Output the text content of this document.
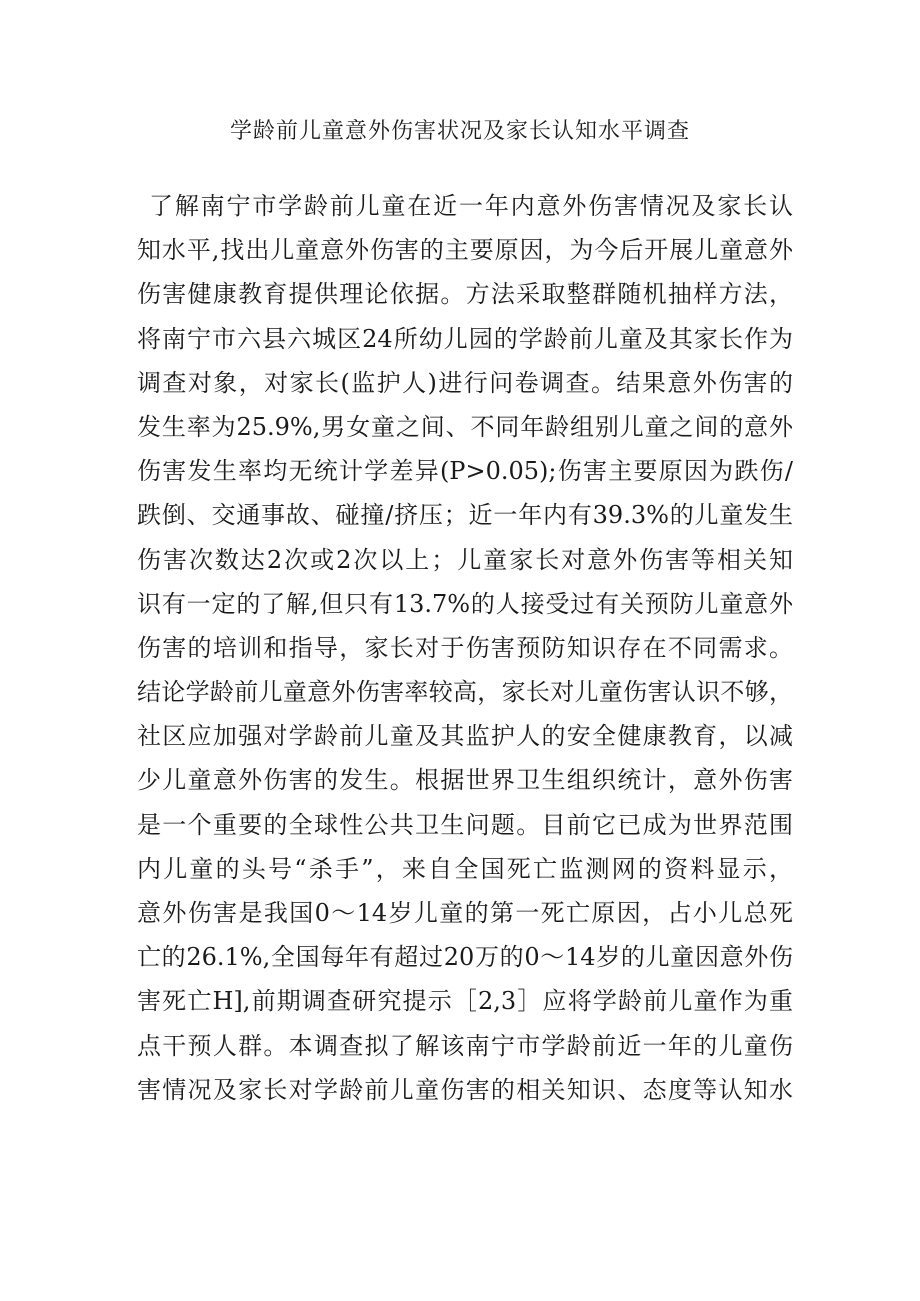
学龄前儿童意外伤害状况及家长认知水平调查
了解南宁市学龄前儿童在近一年内意外伤害情况及家长认
知水平,找出儿童意外伤害的主要原因，为今后开展儿童意外
伤害健康教育提供理论依据。方法采取整群随机抽样方法，
将南宁市六县六城区24所幼儿园的学龄前儿童及其家长作为
调查对象，对家长(监护人)进行问卷调查。结果意外伤害的
发生率为25.9%,男女童之间、不同年龄组别儿童之间的意外
伤害发生率均无统计学差异(P>0.05);伤害主要原因为跌伤/
跌倒、交通事故、碰撞/挤压；近一年内有39.3%的儿童发生
伤害次数达2次或2次以上；儿童家长对意外伤害等相关知
识有一定的了解,但只有13.7%的人接受过有关预防儿童意外
伤害的培训和指导，家长对于伤害预防知识存在不同需求。
结论学龄前儿童意外伤害率较高，家长对儿童伤害认识不够，
社区应加强对学龄前儿童及其监护人的安全健康教育，以减
少儿童意外伤害的发生。根据世界卫生组织统计，意外伤害
是一个重要的全球性公共卫生问题。目前它已成为世界范围
内儿童的头号“杀手”，来自全国死亡监测网的资料显示，
意外伤害是我国0～14岁儿童的第一死亡原因，占小儿总死
亡的26.1%,全国每年有超过20万的0～14岁的儿童因意外伤
害死亡H],前期调查研究提示［2,3］应将学龄前儿童作为重
点干预人群。本调查拟了解该南宁市学龄前近一年的儿童伤
害情况及家长对学龄前儿童伤害的相关知识、态度等认知水
